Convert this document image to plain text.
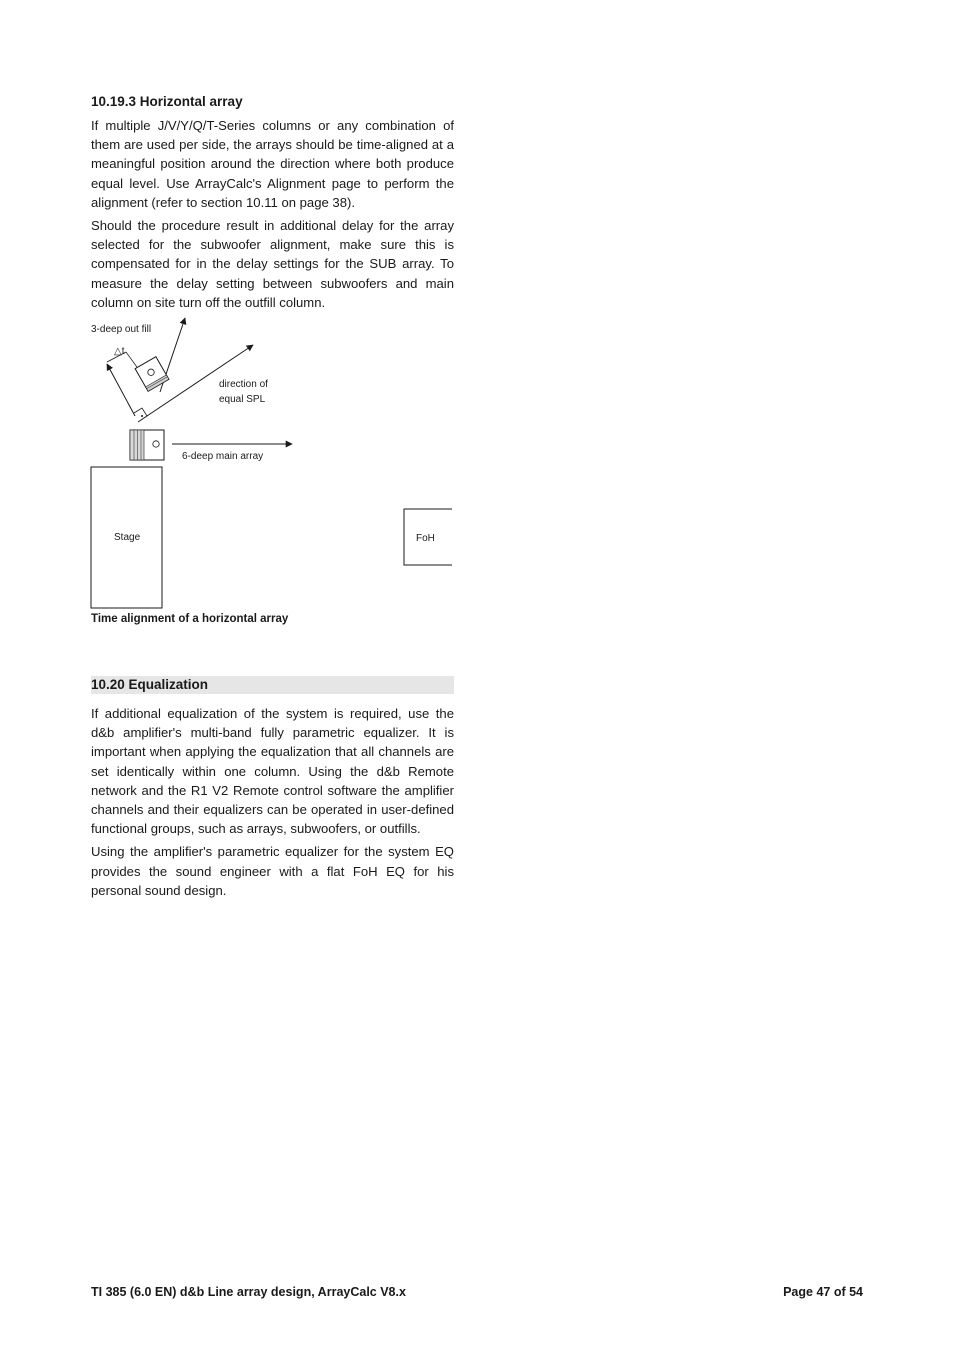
10.19.3 Horizontal array

If multiple J/V/Y/Q/T-Series columns or any combination of them are used per side, the arrays should be time-aligned at a meaningful position around the direction where both produce equal level. Use ArrayCalc's Alignment page to perform the alignment (refer to section 10.11 on page 38).

Should the procedure result in additional delay for the array selected for the subwoofer alignment, make sure this is compensated for in the delay settings for the SUB array. To measure the delay setting between subwoofers and main column on site turn off the outfill column.

3-deep out fill
△t
direction of
equal SPL
6-deep main array
Stage	FoH
Time alignment of a horizontal array
10.20 Equalization

If additional equalization of the system is required, use the d&b amplifier's multi-band fully parametric equalizer. It is important when applying the equalization that all channels are set identically within one column. Using the d&b Remote network and the R1 V2 Remote control software the amplifier channels and their equalizers can be operated in user-defined functional groups, such as arrays, subwoofers, or outfills.

Using the amplifier's parametric equalizer for the system EQ provides the sound engineer with a flat FoH EQ for his personal sound design.

TI 385 (6.0 EN) d&b Line array design, ArrayCalc V8.x	Page 47 of 54
